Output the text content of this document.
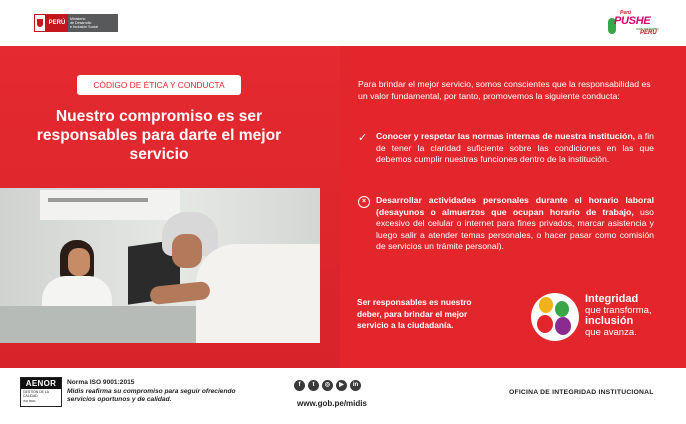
PERÚ
Ministerio
de Desarrollo
e Inclusión Social
Perú
PUSHE
más equitativo
PERÚ
CÓDIGO DE ÉTICA Y CONDUCTA
Nuestro compromiso es ser responsables para darte el mejor servicio
Para brindar el mejor servicio, somos conscientes que la responsabilidad es un valor fundamental, por tanto, promovemos la siguiente conducta:
✓	Conocer y respetar las normas internas de nuestra institución, a fin de tener la claridad suficiente sobre las condiciones en las que debemos cumplir nuestras funciones dentro de la institución.
×	Desarrollar actividades personales durante el horario laboral (desayunos o almuerzos que ocupan horario de trabajo, uso excesivo del celular o internet para fines privados, marcar asistencia y luego salir a atender temas personales, o hacer pasar como comisión de servicios un trámite personal).
Ser responsables es nuestro deber, para brindar el mejor servicio a la ciudadanía.
Integridad
que transforma,
inclusión
que avanza.
AENOR
GESTIÓN DE LA CALIDAD
ISO 9001
Norma ISO 9001:2015
Midis reafirma su compromiso para seguir ofreciendo servicios oportunos y de calidad.
f	t	◎	▶	in
www.gob.pe/midis
OFICINA DE INTEGRIDAD INSTITUCIONAL
